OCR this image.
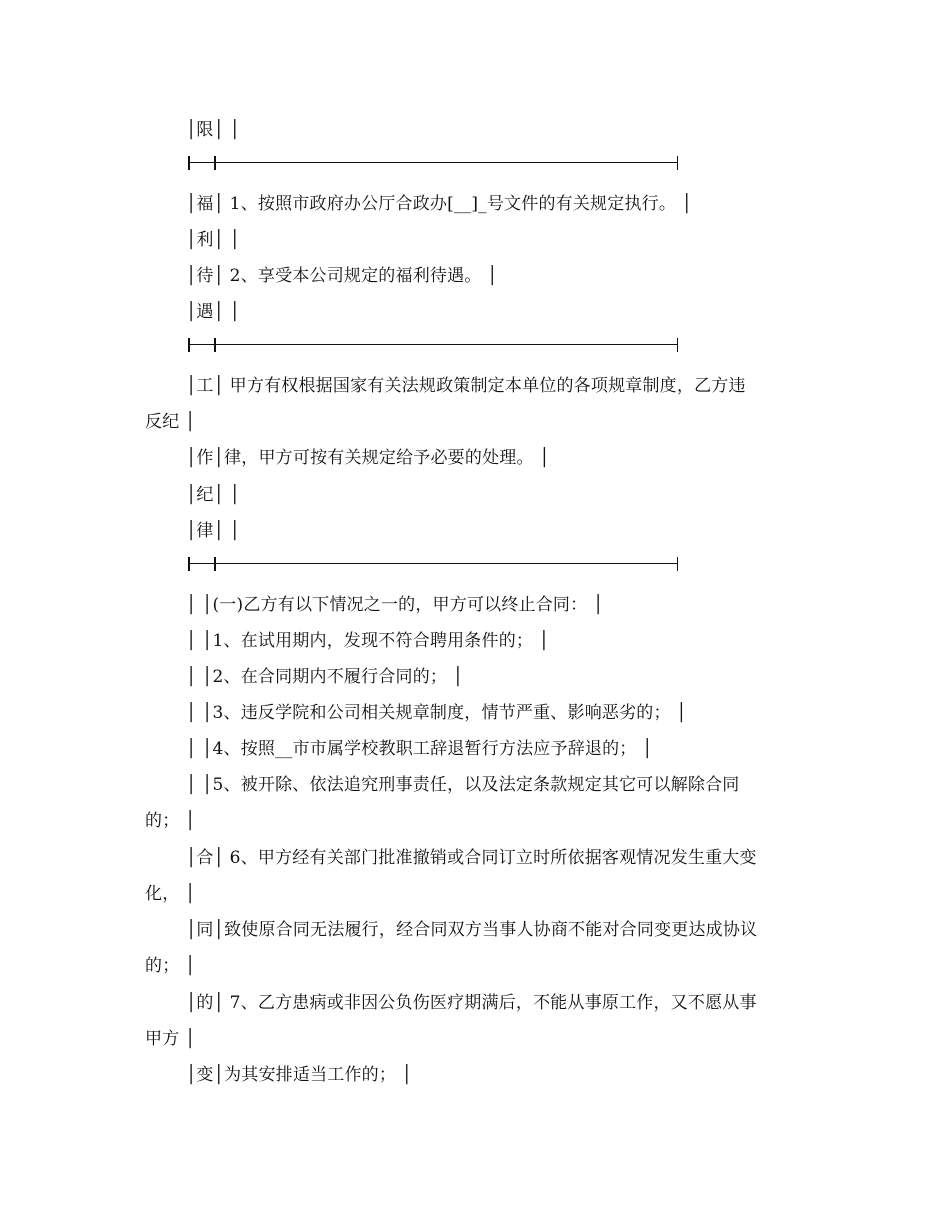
│限│ │
│福│ 1、按照市政府办公厅合政办[__]_号文件的有关规定执行。 │
│利│ │
│待│ 2、享受本公司规定的福利待遇。 │
│遇│ │
│工│ 甲方有权根据国家有关法规政策制定本单位的各项规章制度，乙方违
反纪 │
│作│律，甲方可按有关规定给予必要的处理。 │
│纪│ │
│律│ │
│ │(一)乙方有以下情况之一的，甲方可以终止合同： │
│ │1、在试用期内，发现不符合聘用条件的； │
│ │2、在合同期内不履行合同的； │
│ │3、违反学院和公司相关规章制度，情节严重、影响恶劣的； │
│ │4、按照__市市属学校教职工辞退暂行方法应予辞退的； │
│ │5、被开除、依法追究刑事责任，以及法定条款规定其它可以解除合同
的； │
│合│ 6、甲方经有关部门批准撤销或合同订立时所依据客观情况发生重大变
化， │
│同│致使原合同无法履行，经合同双方当事人协商不能对合同变更达成协议
的； │
│的│ 7、乙方患病或非因公负伤医疗期满后，不能从事原工作，又不愿从事
甲方 │
│变│为其安排适当工作的； │
